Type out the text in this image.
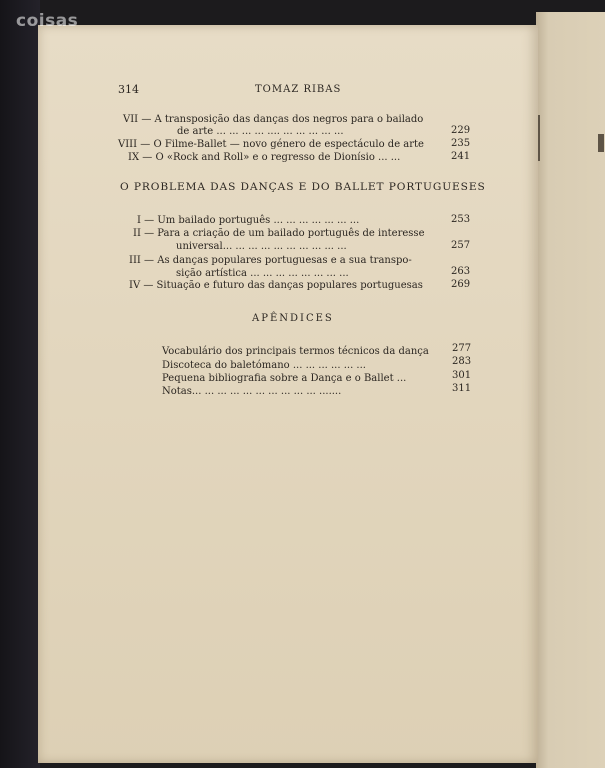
coisas
314	TOMAZ RIBAS
VII — A transposição das danças dos negros para o bailado
de arte ... ... ... ... .... ... ... ... ... ...	229
VIII — O Filme-Ballet — novo género de espectáculo de arte	235
IX — O «Rock and Roll» e o regresso de Dionísio ... ...	241
O PROBLEMA DAS DANÇAS E DO BALLET PORTUGUESES
I — Um bailado português ... ... ... ... ... ... ...	253
II — Para a criação de um bailado português de interesse
universal... ... ... ... ... ... ... ... ... ...	257
III — As danças populares portuguesas e a sua transpo-
sição artística ... ... ... ... ... ... ... ...	263
IV — Situação e futuro das danças populares portuguesas	269
APÊNDICES
Vocabulário dos principais termos técnicos da dança 277
Discoteca do baletómano ... ... ... ... ... ...	283
Pequena bibliografia sobre a Dança e o Ballet ...	301
Notas... ... ... ... ... ... ... ... ... ... .......	311
